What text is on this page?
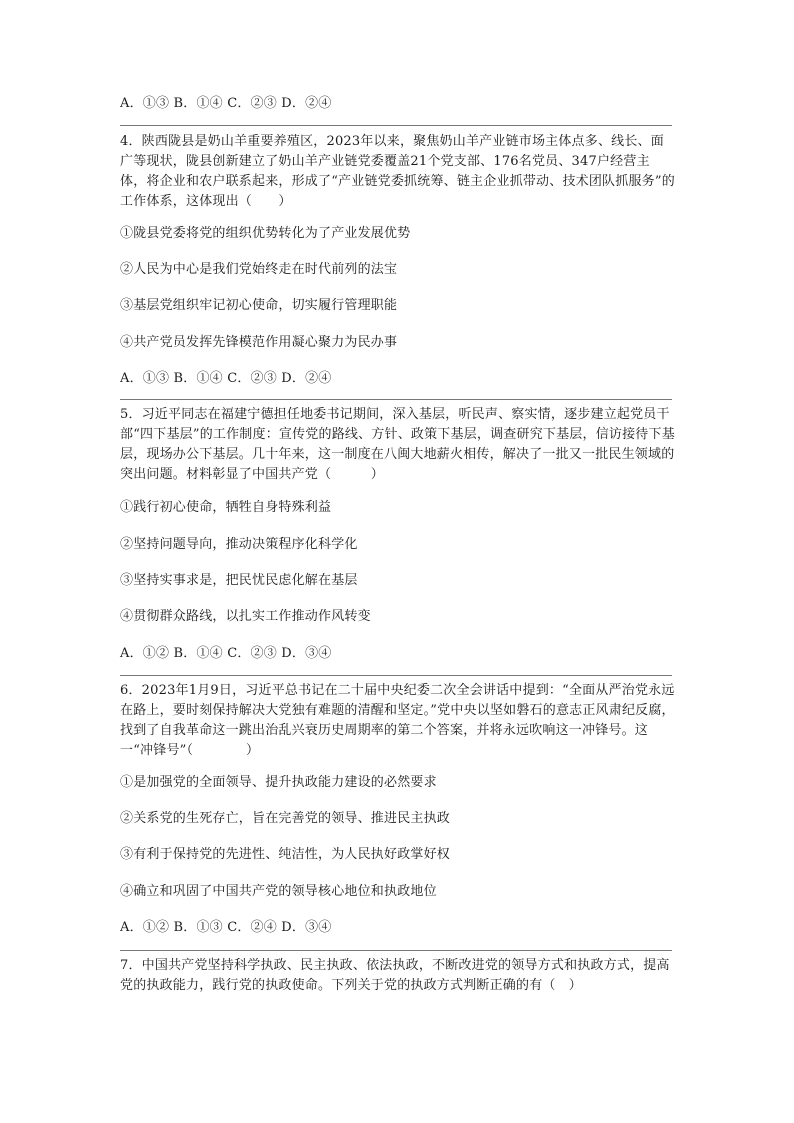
A．①③ B．①④ C．②③ D．②④
4．陕西陇县是奶山羊重要养殖区，2023年以来，聚焦奶山羊产业链市场主体点多、线长、面广等现状，陇县创新建立了奶山羊产业链党委覆盖21个党支部、176名党员、347户经营主体，将企业和农户联系起来，形成了“产业链党委抓统筹、链主企业抓带动、技术团队抓服务”的工作体系，这体现出（　　）
①陇县党委将党的组织优势转化为了产业发展优势
②人民为中心是我们党始终走在时代前列的法宝
③基层党组织牢记初心使命，切实履行管理职能
④共产党员发挥先锋模范作用凝心聚力为民办事
A．①③ B．①④ C．②③ D．②④
5．习近平同志在福建宁德担任地委书记期间，深入基层，听民声、察实情，逐步建立起党员干部“四下基层”的工作制度：宣传党的路线、方针、政策下基层，调查研究下基层，信访接待下基层，现场办公下基层。几十年来，这一制度在八闽大地薪火相传，解决了一批又一批民生领域的突出问题。材料彰显了中国共产党（　　　）
①践行初心使命，牺牲自身特殊利益
②坚持问题导向，推动决策程序化科学化
③坚持实事求是，把民忧民虑化解在基层
④贯彻群众路线，以扎实工作推动作风转变
A．①② B．①④ C．②③ D．③④
6．2023年1月9日，习近平总书记在二十届中央纪委二次全会讲话中提到：“全面从严治党永远在路上，要时刻保持解决大党独有难题的清醒和坚定。”党中央以坚如磐石的意志正风肃纪反腐，找到了自我革命这一跳出治乱兴衰历史周期率的第二个答案，并将永远吹响这一冲锋号。这一“冲锋号”（　　　　）
①是加强党的全面领导、提升执政能力建设的必然要求
②关系党的生死存亡，旨在完善党的领导、推进民主执政
③有利于保持党的先进性、纯洁性，为人民执好政掌好权
④确立和巩固了中国共产党的领导核心地位和执政地位
A．①② B．①③ C．②④ D．③④
7．中国共产党坚持科学执政、民主执政、依法执政，不断改进党的领导方式和执政方式，提高党的执政能力，践行党的执政使命。下列关于党的执政方式判断正确的有（　）
